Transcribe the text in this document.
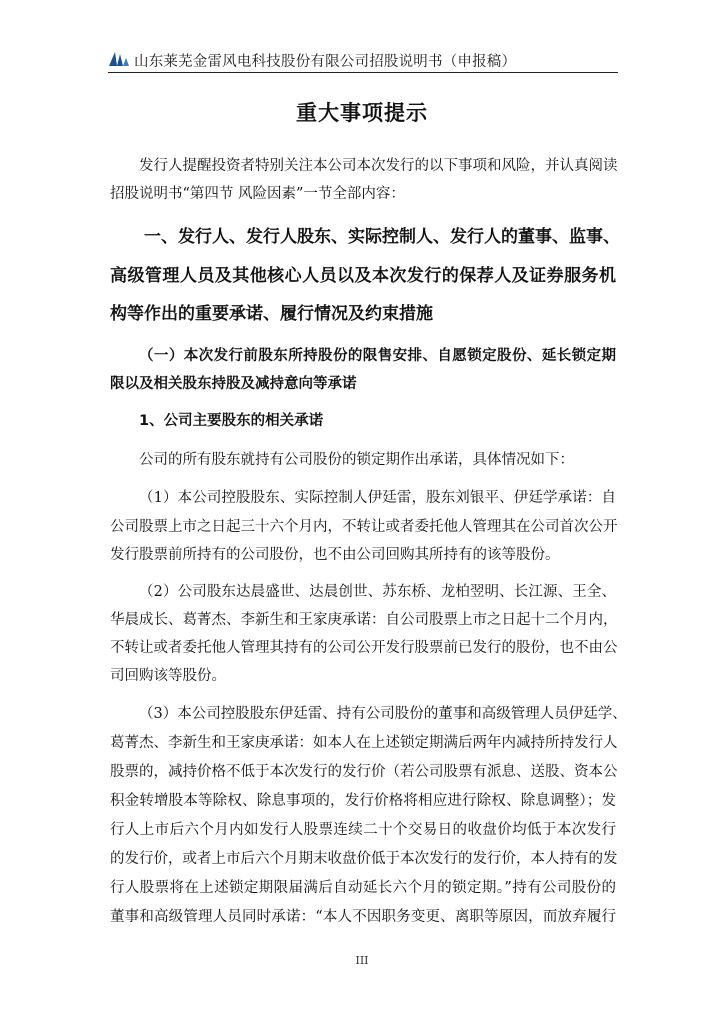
山东莱芜金雷风电科技股份有限公司招股说明书（申报稿）
重大事项提示
发行人提醒投资者特别关注本公司本次发行的以下事项和风险，并认真阅读
招股说明书“第四节 风险因素”一节全部内容：
一、发行人、发行人股东、实际控制人、发行人的董事、监事、
高级管理人员及其他核心人员以及本次发行的保荐人及证券服务机
构等作出的重要承诺、履行情况及约束措施
（一）本次发行前股东所持股份的限售安排、自愿锁定股份、延长锁定期
限以及相关股东持股及减持意向等承诺
1、公司主要股东的相关承诺
公司的所有股东就持有公司股份的锁定期作出承诺，具体情况如下：
（1）本公司控股股东、实际控制人伊廷雷，股东刘银平、伊廷学承诺：自
公司股票上市之日起三十六个月内，不转让或者委托他人管理其在公司首次公开
发行股票前所持有的公司股份，也不由公司回购其所持有的该等股份。
（2）公司股东达晨盛世、达晨创世、苏东桥、龙柏翌明、长江源、王全、
华晨成长、葛菁杰、李新生和王家庚承诺：自公司股票上市之日起十二个月内，
不转让或者委托他人管理其持有的公司公开发行股票前已发行的股份，也不由公
司回购该等股份。
（3）本公司控股股东伊廷雷、持有公司股份的董事和高级管理人员伊廷学、
葛菁杰、李新生和王家庚承诺：如本人在上述锁定期满后两年内减持所持发行人
股票的，减持价格不低于本次发行的发行价（若公司股票有派息、送股、资本公
积金转增股本等除权、除息事项的，发行价格将相应进行除权、除息调整）；发
行人上市后六个月内如发行人股票连续二十个交易日的收盘价均低于本次发行
的发行价，或者上市后六个月期末收盘价低于本次发行的发行价，本人持有的发
行人股票将在上述锁定期限届满后自动延长六个月的锁定期。”持有公司股份的
董事和高级管理人员同时承诺：“本人不因职务变更、离职等原因，而放弃履行
III
